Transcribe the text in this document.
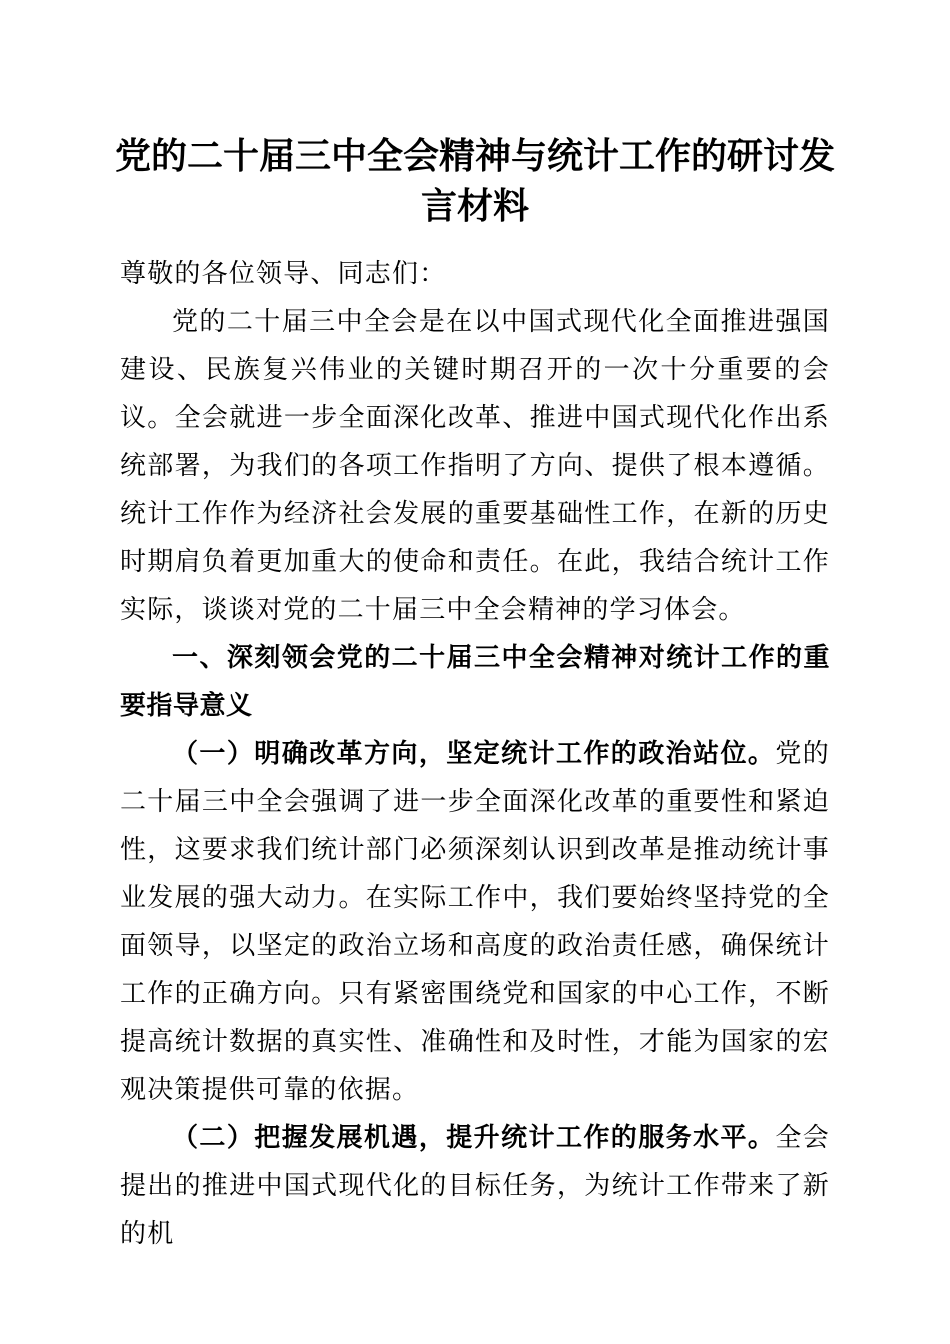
党的二十届三中全会精神与统计工作的研讨发言材料

尊敬的各位领导、同志们：

党的二十届三中全会是在以中国式现代化全面推进强国建设、民族复兴伟业的关键时期召开的一次十分重要的会议。全会就进一步全面深化改革、推进中国式现代化作出系统部署，为我们的各项工作指明了方向、提供了根本遵循。统计工作作为经济社会发展的重要基础性工作，在新的历史时期肩负着更加重大的使命和责任。在此，我结合统计工作实际，谈谈对党的二十届三中全会精神的学习体会。

一、深刻领会党的二十届三中全会精神对统计工作的重要指导意义

（一）明确改革方向，坚定统计工作的政治站位。党的二十届三中全会强调了进一步全面深化改革的重要性和紧迫性，这要求我们统计部门必须深刻认识到改革是推动统计事业发展的强大动力。在实际工作中，我们要始终坚持党的全面领导，以坚定的政治立场和高度的政治责任感，确保统计工作的正确方向。只有紧密围绕党和国家的中心工作，不断提高统计数据的真实性、准确性和及时性，才能为国家的宏观决策提供可靠的依据。

（二）把握发展机遇，提升统计工作的服务水平。全会提出的推进中国式现代化的目标任务，为统计工作带来了新的机
